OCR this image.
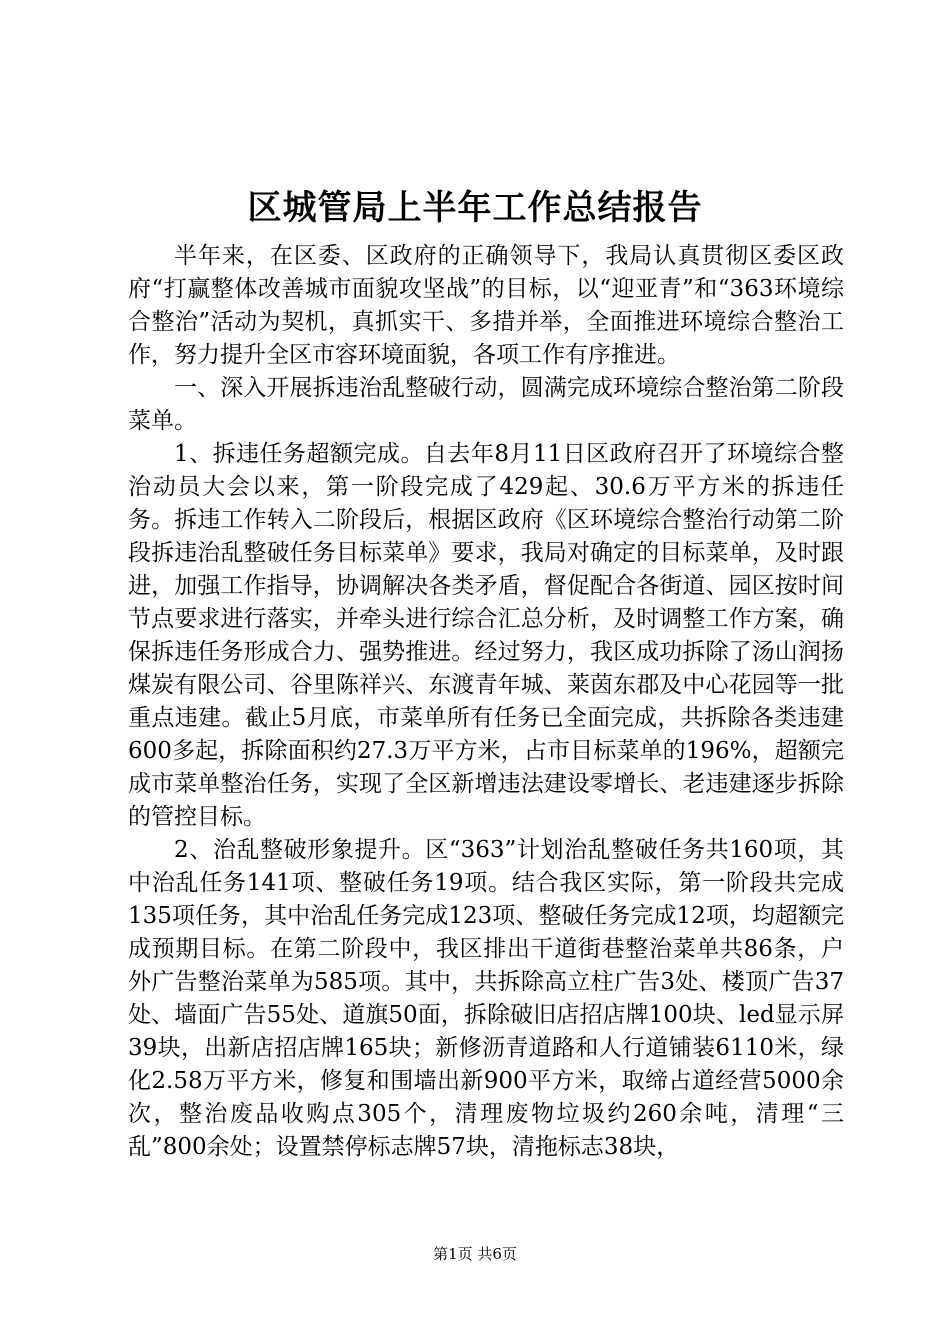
区城管局上半年工作总结报告

半年来，在区委、区政府的正确领导下，我局认真贯彻区委区政府“打赢整体改善城市面貌攻坚战”的目标，以“迎亚青”和“363环境综合整治”活动为契机，真抓实干、多措并举，全面推进环境综合整治工作，努力提升全区市容环境面貌，各项工作有序推进。

一、深入开展拆违治乱整破行动，圆满完成环境综合整治第二阶段菜单。

1、拆违任务超额完成。自去年8月11日区政府召开了环境综合整治动员大会以来，第一阶段完成了429起、30.6万平方米的拆违任务。拆违工作转入二阶段后，根据区政府《区环境综合整治行动第二阶段拆违治乱整破任务目标菜单》要求，我局对确定的目标菜单，及时跟进，加强工作指导，协调解决各类矛盾，督促配合各街道、园区按时间节点要求进行落实，并牵头进行综合汇总分析，及时调整工作方案，确保拆违任务形成合力、强势推进。经过努力，我区成功拆除了汤山润扬煤炭有限公司、谷里陈祥兴、东渡青年城、莱茵东郡及中心花园等一批重点违建。截止5月底，市菜单所有任务已全面完成，共拆除各类违建600多起，拆除面积约27.3万平方米，占市目标菜单的196%，超额完成市菜单整治任务，实现了全区新增违法建设零增长、老违建逐步拆除的管控目标。

2、治乱整破形象提升。区“363”计划治乱整破任务共160项，其中治乱任务141项、整破任务19项。结合我区实际，第一阶段共完成135项任务，其中治乱任务完成123项、整破任务完成12项，均超额完成预期目标。在第二阶段中，我区排出干道街巷整治菜单共86条，户外广告整治菜单为585项。其中，共拆除高立柱广告3处、楼顶广告37处、墙面广告55处、道旗50面，拆除破旧店招店牌100块、led显示屏39块，出新店招店牌165块；新修沥青道路和人行道铺装6110米，绿化2.58万平方米，修复和围墙出新900平方米，取缔占道经营5000余次，整治废品收购点305个，清理废物垃圾约260余吨，清理“三乱”800余处；设置禁停标志牌57块，清拖标志38块，

第1页 共6页
